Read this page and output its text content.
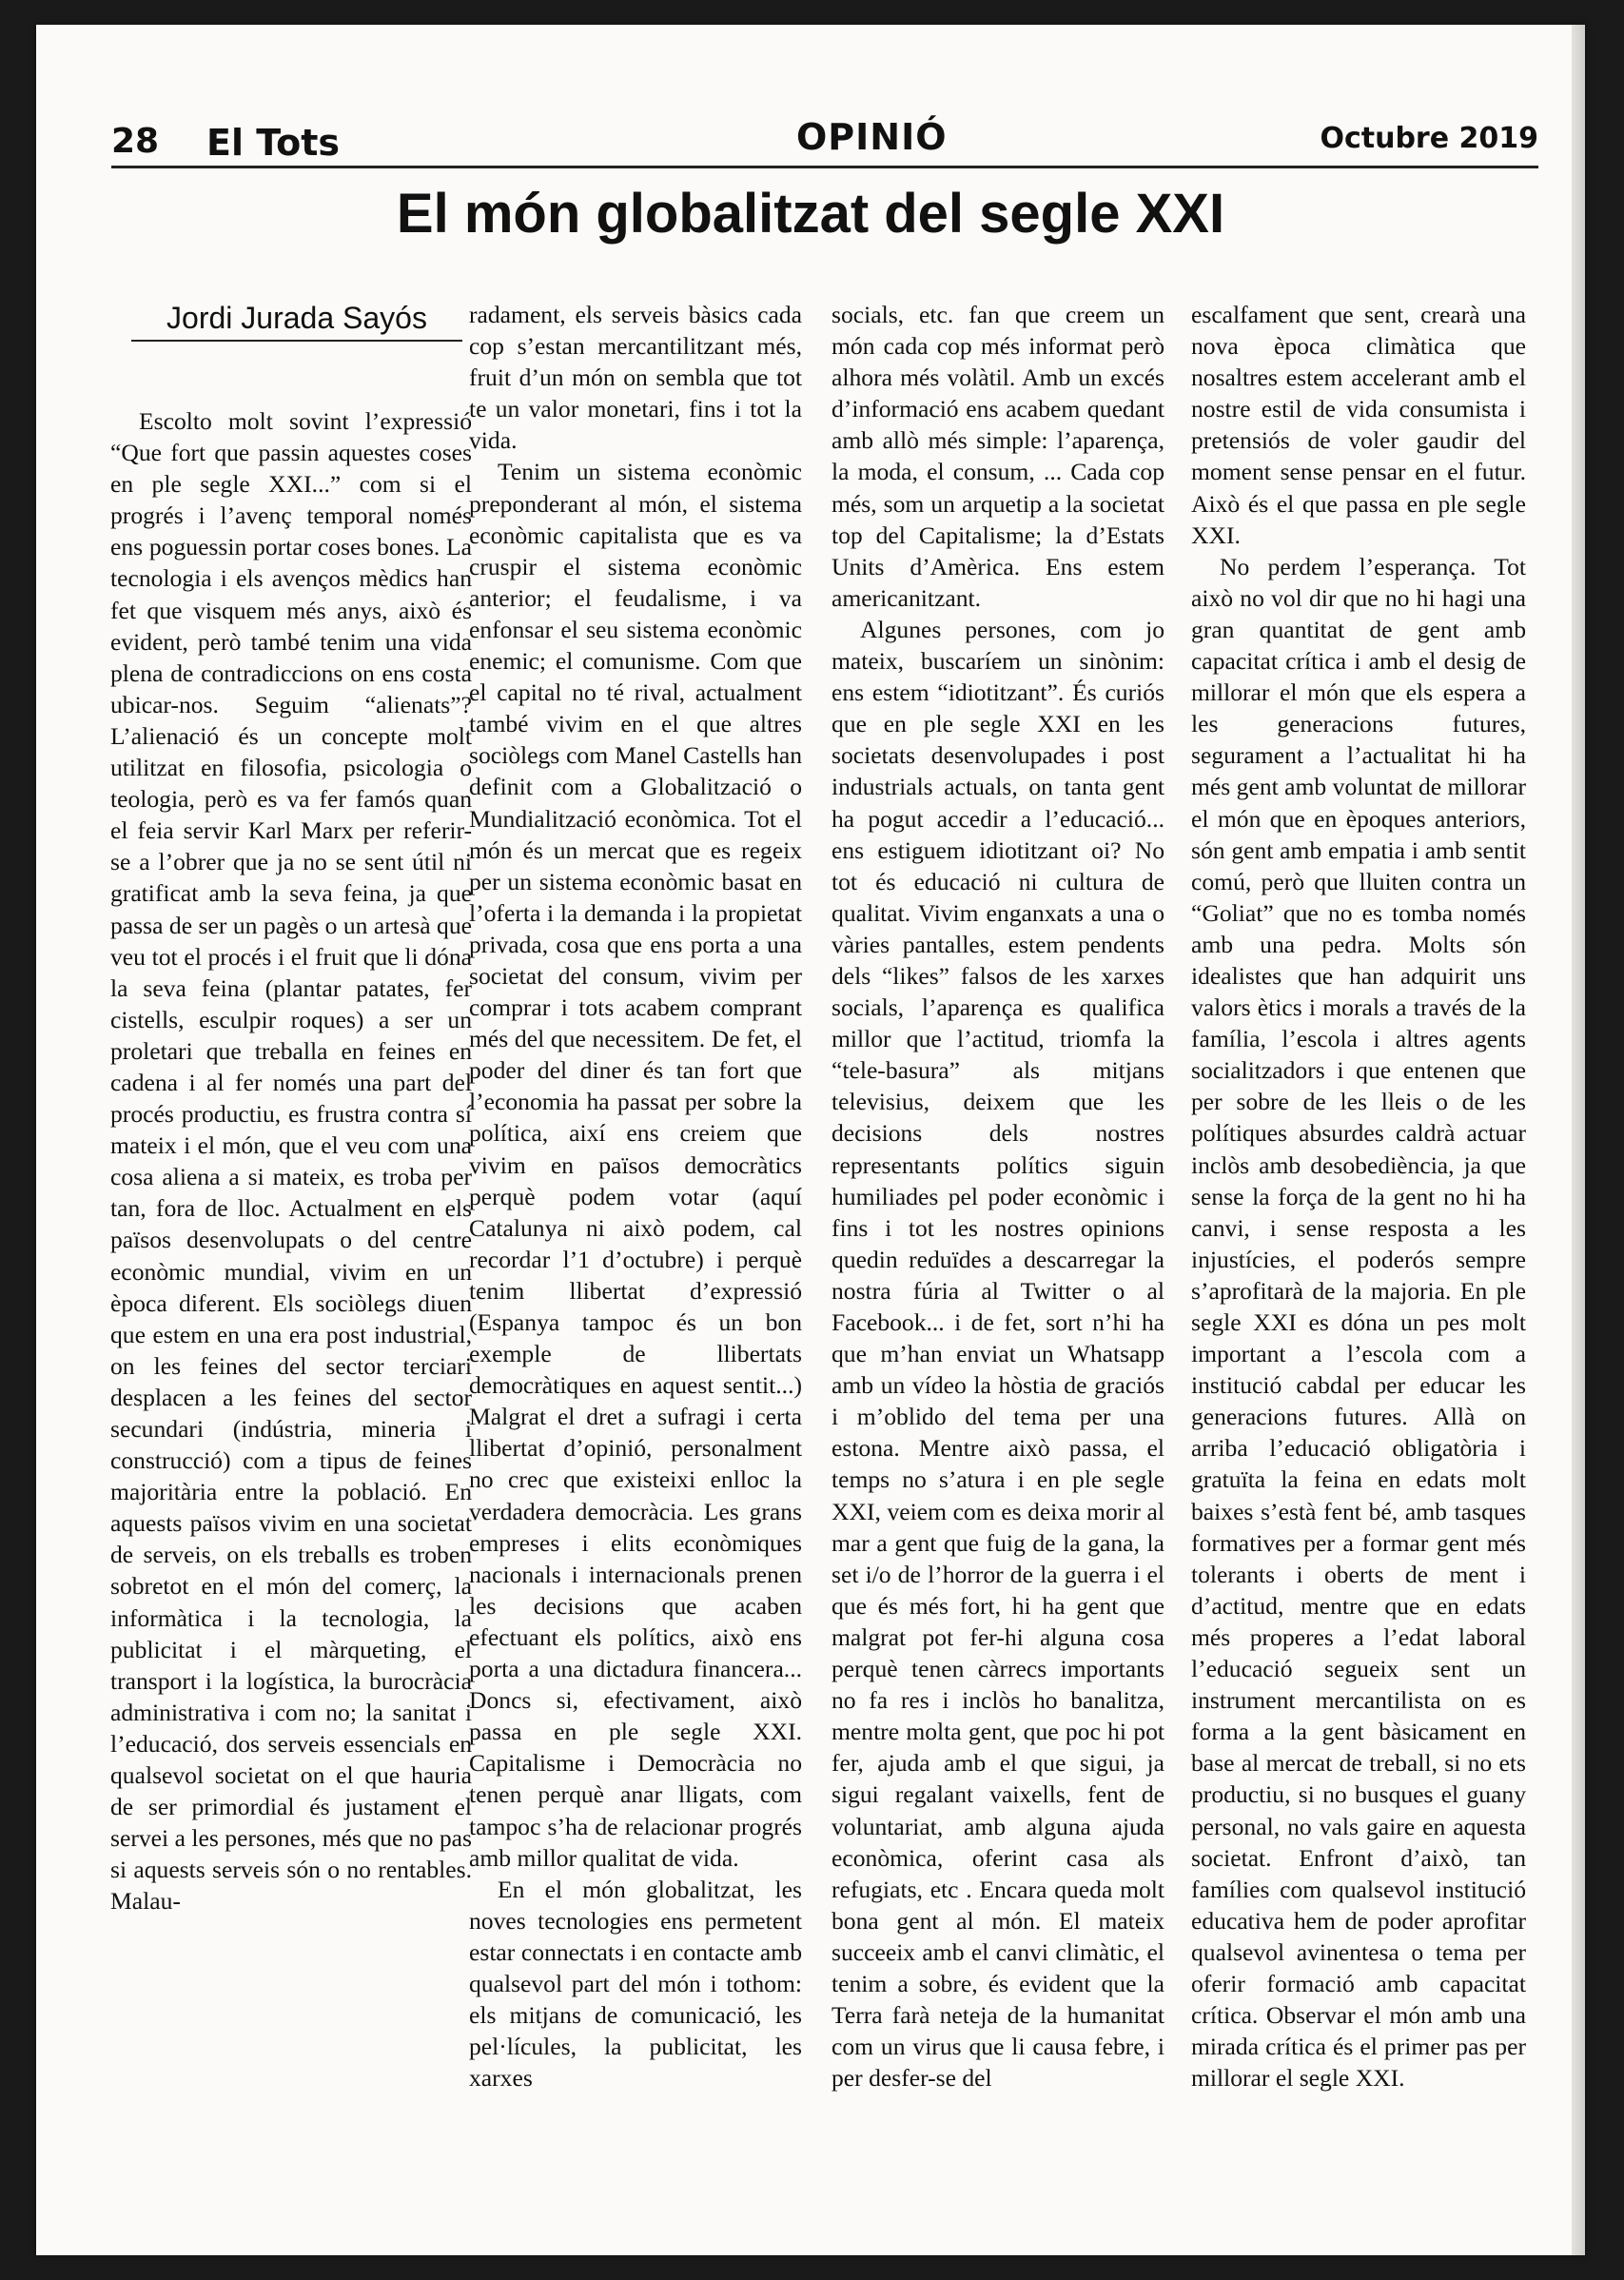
28 El Tots	OPINIÓ	Octubre 2019
El món globalitzat del segle XXI
Jordi Jurada Sayós

Escolto molt sovint l’expressió “Que fort que passin aquestes coses en ple segle XXI...” com si el progrés i l’avenç temporal només ens poguessin portar coses bones. La tecnologia i els avenços mèdics han fet que visquem més anys, això és evident, però també tenim una vida plena de contradiccions on ens costa ubicar-nos. Seguim “alienats”? L’alienació és un concepte molt utilitzat en filosofia, psicologia o teologia, però es va fer famós quan el feia servir Karl Marx per referir-se a l’obrer que ja no se sent útil ni gratificat amb la seva feina, ja que passa de ser un pagès o un artesà que veu tot el procés i el fruit que li dóna la seva feina (plantar patates, fer cistells, esculpir roques) a ser un proletari que treballa en feines en cadena i al fer només una part del procés productiu, es frustra contra sí mateix i el món, que el veu com una cosa aliena a si mateix, es troba per tan, fora de lloc. Actualment en els països desenvolupats o del centre econòmic mundial, vivim en un època diferent. Els sociòlegs diuen que estem en una era post industrial, on les feines del sector terciari desplacen a les feines del sector secundari (indústria, mineria i construcció) com a tipus de feines majoritària entre la població. En aquests països vivim en una societat de serveis, on els treballs es troben sobretot en el món del comerç, la informàtica i la tecnologia, la publicitat i el màrqueting, el transport i la logística, la burocràcia administrativa i com no; la sanitat i l’educació, dos serveis essencials en qualsevol societat on el que hauria de ser primordial és justament el servei a les persones, més que no pas si aquests serveis són o no rentables. Malau-

radament, els serveis bàsics cada cop s’estan mercantilitzant més, fruit d’un món on sembla que tot te un valor monetari, fins i tot la vida.

Tenim un sistema econòmic preponderant al món, el sistema econòmic capitalista que es va cruspir el sistema econòmic anterior; el feudalisme, i va enfonsar el seu sistema econòmic enemic; el comunisme. Com que el capital no té rival, actualment també vivim en el que altres sociòlegs com Manel Castells han definit com a Globalització o Mundialització econòmica. Tot el món és un mercat que es regeix per un sistema econòmic basat en l’oferta i la demanda i la propietat privada, cosa que ens porta a una societat del consum, vivim per comprar i tots acabem comprant més del que necessitem. De fet, el poder del diner és tan fort que l’economia ha passat per sobre la política, així ens creiem que vivim en països democràtics perquè podem votar (aquí Catalunya ni això podem, cal recordar l’1 d’octubre) i perquè tenim llibertat d’expressió (Espanya tampoc és un bon exemple de llibertats democràtiques en aquest sentit...) Malgrat el dret a sufragi i certa llibertat d’opinió, personalment no crec que existeixi enlloc la verdadera democràcia. Les grans empreses i elits econòmiques nacionals i internacionals prenen les decisions que acaben efectuant els polítics, això ens porta a una dictadura financera... Doncs si, efectivament, això passa en ple segle XXI. Capitalisme i Democràcia no tenen perquè anar lligats, com tampoc s’ha de relacionar progrés amb millor qualitat de vida.

En el món globalitzat, les noves tecnologies ens permetent estar connectats i en contacte amb qualsevol part del món i tothom: els mitjans de comunicació, les pel·lícules, la publicitat, les xarxes

socials, etc. fan que creem un món cada cop més informat però alhora més volàtil. Amb un excés d’informació ens acabem quedant amb allò més simple: l’aparença, la moda, el consum, ... Cada cop més, som un arquetip a la societat top del Capitalisme; la d’Estats Units d’Amèrica. Ens estem americanitzant.

Algunes persones, com jo mateix, buscaríem un sinònim: ens estem “idiotitzant”. És curiós que en ple segle XXI en les societats desenvolupades i post industrials actuals, on tanta gent ha pogut accedir a l’educació... ens estiguem idiotitzant oi? No tot és educació ni cultura de qualitat. Vivim enganxats a una o vàries pantalles, estem pendents dels “likes” falsos de les xarxes socials, l’aparença es qualifica millor que l’actitud, triomfa la “tele-basura” als mitjans televisius, deixem que les decisions dels nostres representants polítics siguin humiliades pel poder econòmic i fins i tot les nostres opinions quedin reduïdes a descarregar la nostra fúria al Twitter o al Facebook... i de fet, sort n’hi ha que m’han enviat un Whatsapp amb un vídeo la hòstia de graciós i m’oblido del tema per una estona. Mentre això passa, el temps no s’atura i en ple segle XXI, veiem com es deixa morir al mar a gent que fuig de la gana, la set i/o de l’horror de la guerra i el que és més fort, hi ha gent que malgrat pot fer-hi alguna cosa perquè tenen càrrecs importants no fa res i inclòs ho banalitza, mentre molta gent, que poc hi pot fer, ajuda amb el que sigui, ja sigui regalant vaixells, fent de voluntariat, amb alguna ajuda econòmica, oferint casa als refugiats, etc . Encara queda molt bona gent al món. El mateix succeeix amb el canvi climàtic, el tenim a sobre, és evident que la Terra farà neteja de la humanitat com un virus que li causa febre, i per desfer-se del

escalfament que sent, crearà una nova època climàtica que nosaltres estem accelerant amb el nostre estil de vida consumista i pretensiós de voler gaudir del moment sense pensar en el futur. Això és el que passa en ple segle XXI.

No perdem l’esperança. Tot això no vol dir que no hi hagi una gran quantitat de gent amb capacitat crítica i amb el desig de millorar el món que els espera a les generacions futures, segurament a l’actualitat hi ha més gent amb voluntat de millorar el món que en èpoques anteriors, són gent amb empatia i amb sentit comú, però que lluiten contra un “Goliat” que no es tomba només amb una pedra. Molts són idealistes que han adquirit uns valors ètics i morals a través de la família, l’escola i altres agents socialitzadors i que entenen que per sobre de les lleis o de les polítiques absurdes caldrà actuar inclòs amb desobediència, ja que sense la força de la gent no hi ha canvi, i sense resposta a les injustícies, el poderós sempre s’aprofitarà de la majoria. En ple segle XXI es dóna un pes molt important a l’escola com a institució cabdal per educar les generacions futures. Allà on arriba l’educació obligatòria i gratuïta la feina en edats molt baixes s’està fent bé, amb tasques formatives per a formar gent més tolerants i oberts de ment i d’actitud, mentre que en edats més properes a l’edat laboral l’educació segueix sent un instrument mercantilista on es forma a la gent bàsicament en base al mercat de treball, si no ets productiu, si no busques el guany personal, no vals gaire en aquesta societat. Enfront d’això, tan famílies com qualsevol institució educativa hem de poder aprofitar qualsevol avinentesa o tema per oferir formació amb capacitat crítica. Observar el món amb una mirada crítica és el primer pas per millorar el segle XXI.
